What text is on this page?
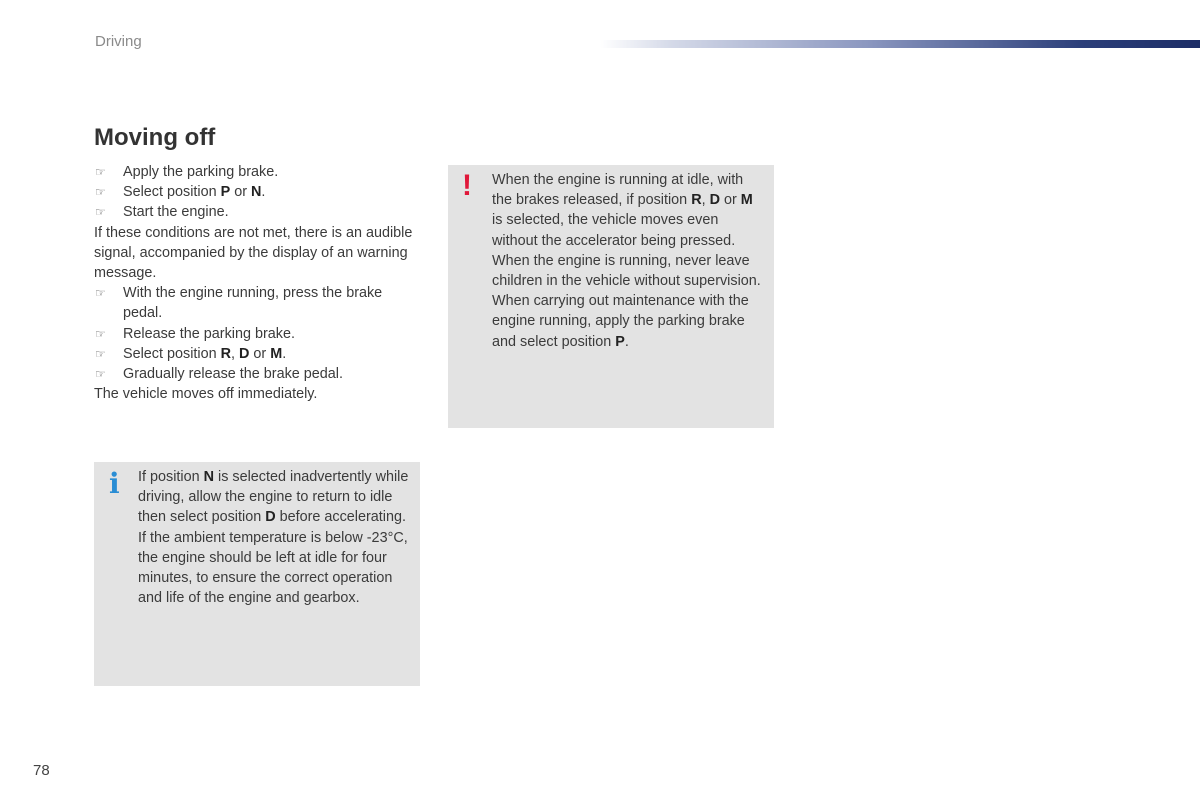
Driving
Moving off

☞ Apply the parking brake.

☞ Select position P or N.

☞ Start the engine.

If these conditions are not met, there is an audible signal, accompanied by the display of an warning message.

☞ With the engine running, press the brake pedal.

☞ Release the parking brake.

☞ Select position R, D or M.

☞ Gradually release the brake pedal.

The vehicle moves off immediately.

! When the engine is running at idle, with the brakes released, if position R, D or M is selected, the vehicle moves even without the accelerator being pressed.

When the engine is running, never leave children in the vehicle without supervision.

When carrying out maintenance with the engine running, apply the parking brake and select position P.

i If position N is selected inadvertently while driving, allow the engine to return to idle then select position D before accelerating.

If the ambient temperature is below -23°C, the engine should be left at idle for four minutes, to ensure the correct operation and life of the engine and gearbox.

78
